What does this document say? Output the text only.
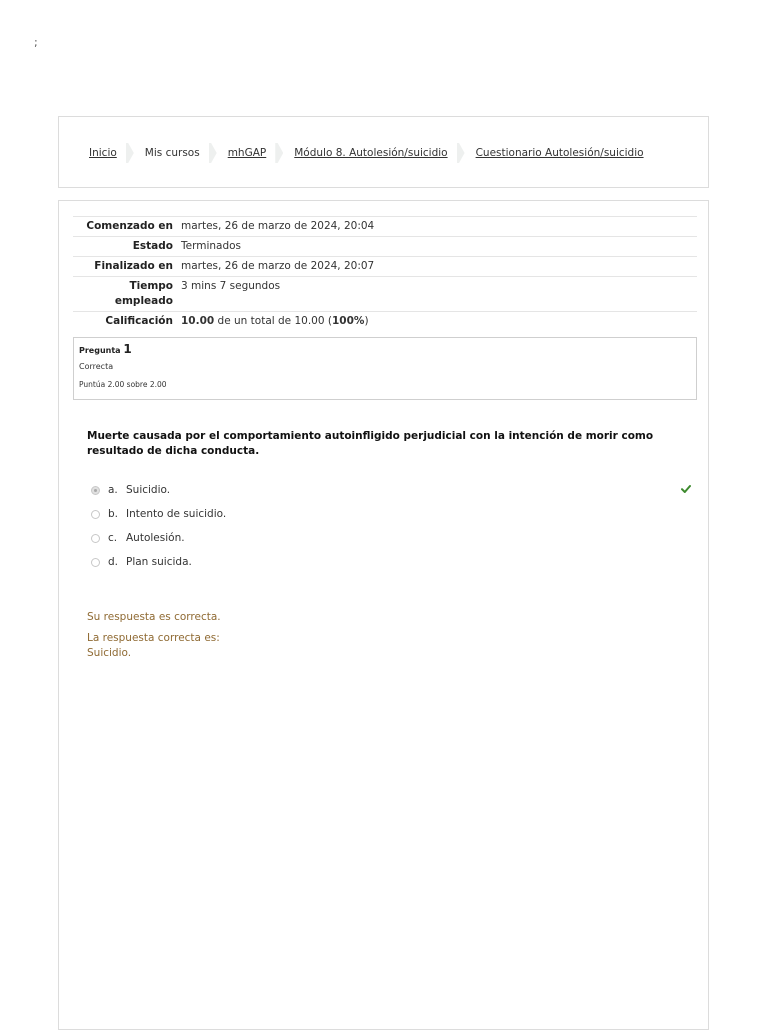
;
Inicio	Mis cursos	mhGAP	Módulo 8. Autolesión/suicidio	Cuestionario Autolesión/suicidio
Comenzado en	martes, 26 de marzo de 2024, 20:04
Estado	Terminados
Finalizado en	martes, 26 de marzo de 2024, 20:07
Tiempo
empleado	3 mins 7 segundos
Calificación	10.00 de un total de 10.00 (100%)
Pregunta 1
Correcta
Puntúa 2.00 sobre 2.00
Muerte causada por el comportamiento autoinfligido perjudicial con la intención de morir como resultado de dicha conducta.
a. Suicidio.
b. Intento de suicidio.
c. Autolesión.
d. Plan suicida.
Su respuesta es correcta.
La respuesta correcta es:
Suicidio.
